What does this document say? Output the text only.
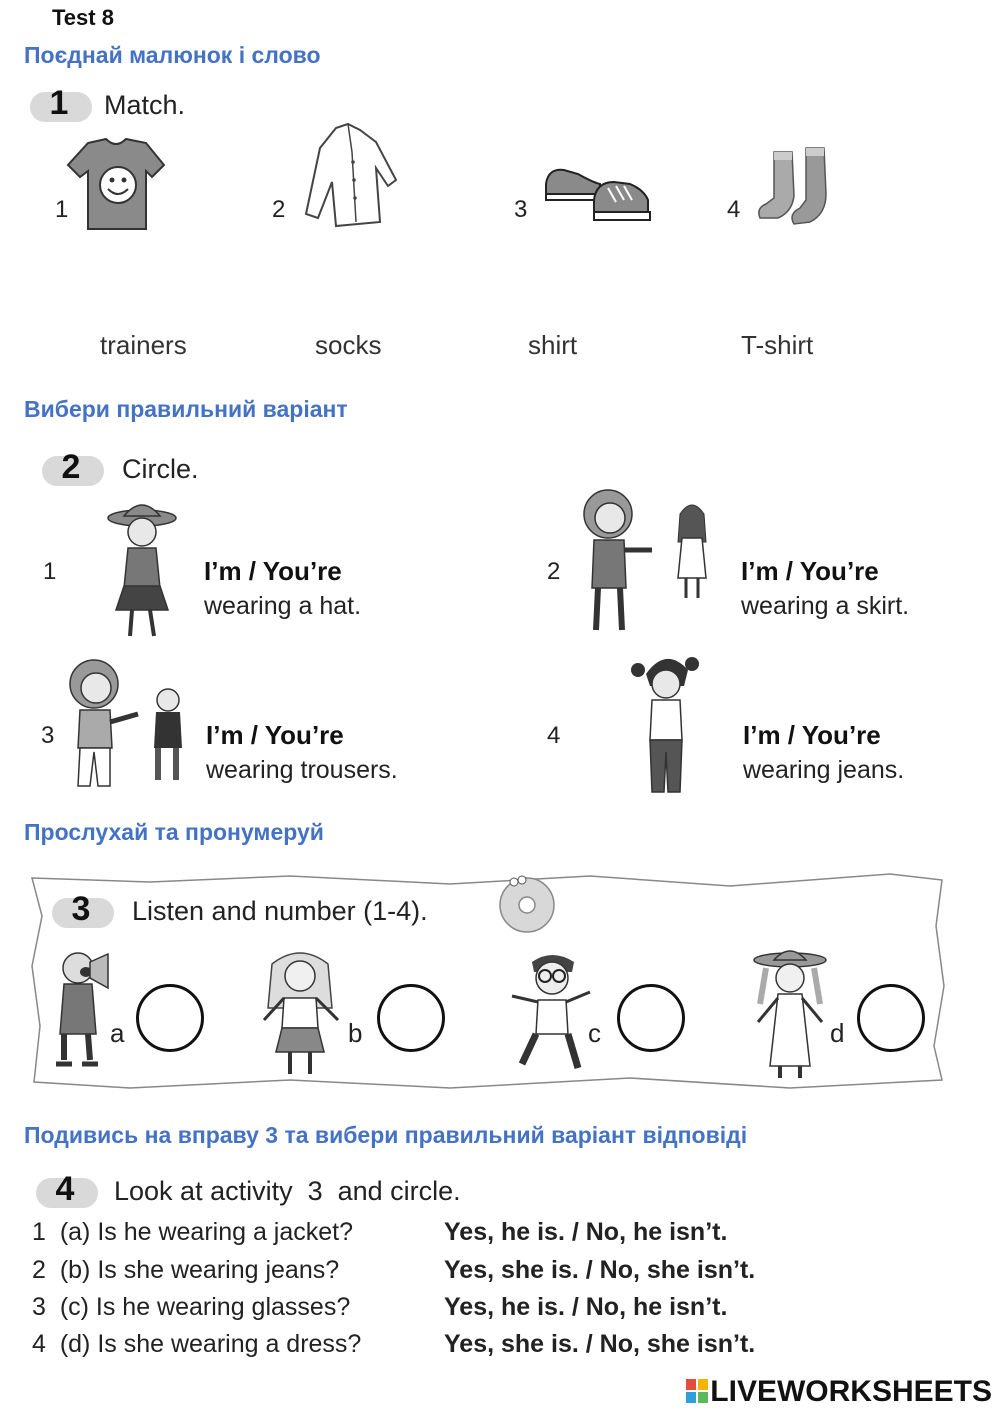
Test 8
Поєднай малюнок і слово
1 Match.
1	2	3	4
trainers	socks	shirt	T-shirt
Вибери правильний варіант
2 Circle.
1	I’m / You’re
wearing a hat.
2	I’m / You’re
wearing a skirt.
3	I’m / You’re
wearing trousers.
4	I’m / You’re
wearing jeans.
Прослухай та пронумеруй
3 Listen and number (1-4).
a	b	c	d
Подивись на вправу 3 та вибери правильний варіант відповіді
4 Look at activity  3  and circle.
1 (a) Is he wearing a jacket?	Yes, he is. / No, he isn’t.
2 (b) Is she wearing jeans?	Yes, she is. / No, she isn’t.
3 (c) Is he wearing glasses?	Yes, he is. / No, he isn’t.
4 (d) Is she wearing a dress?	Yes, she is. / No, she isn’t.
LIVEWORKSHEETS
